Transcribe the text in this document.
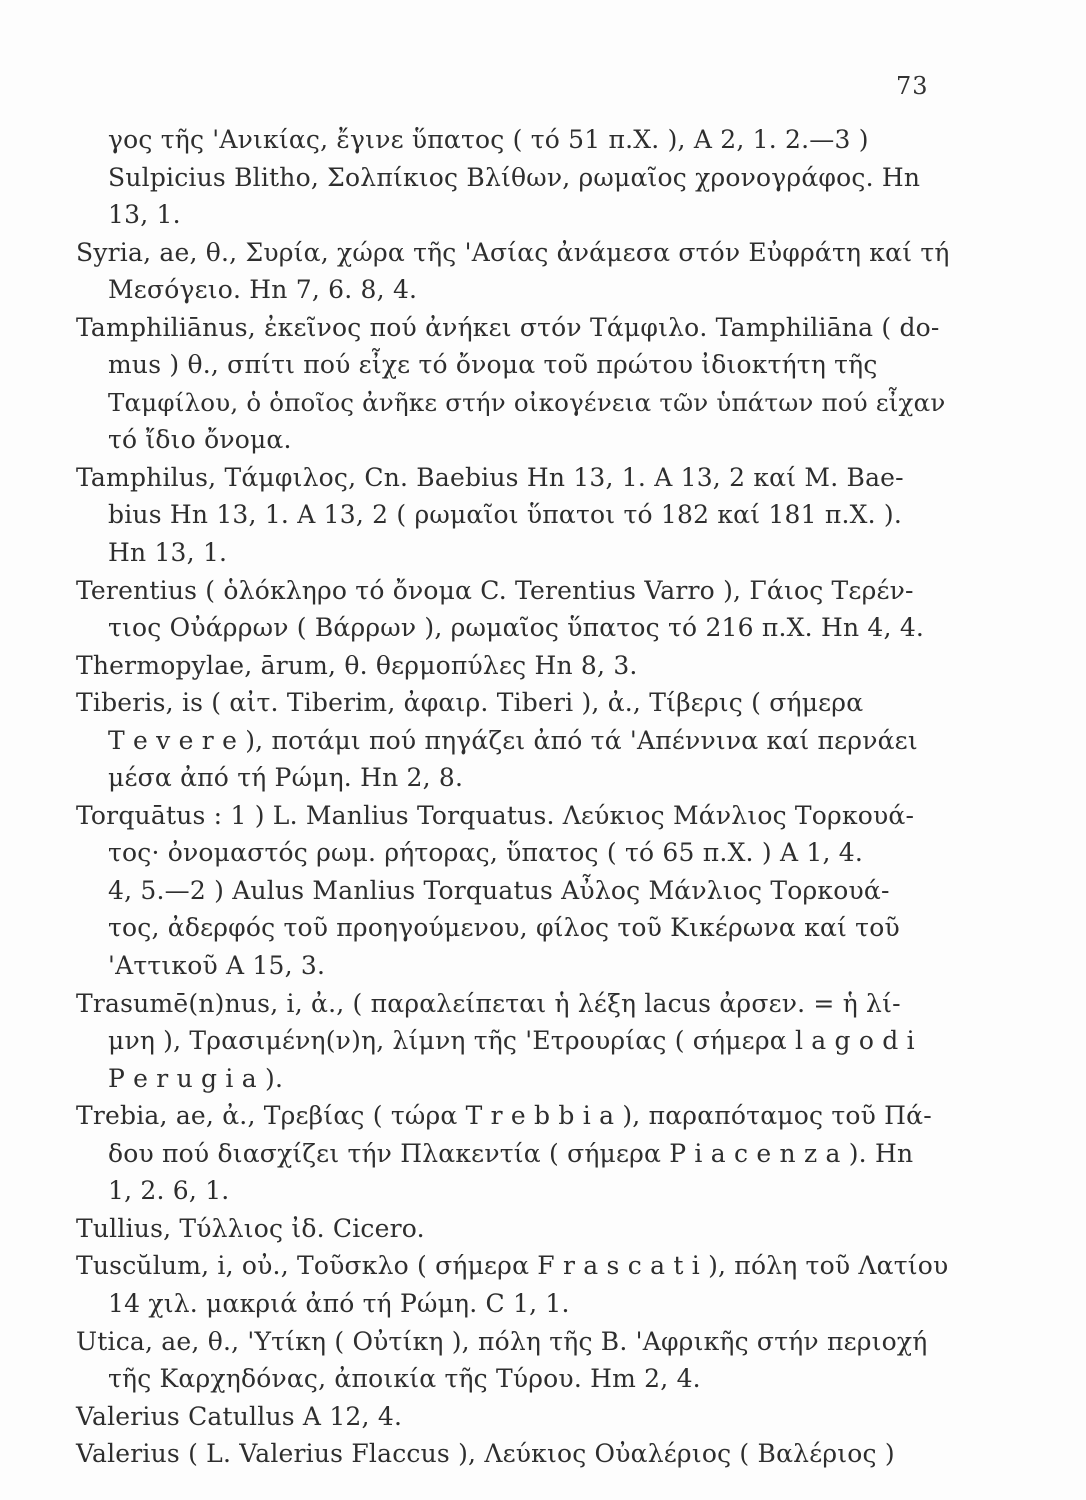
73
γος τῆς 'Ανικίας, ἔγινε ὕπατος ( τό 51 π.Χ. ), Α 2, 1. 2.—3 )
Sulpicius Blitho, Σολπίκιος Βλίθων, ρωμαῖος χρονογράφος. Hn
13, 1.
Syria, ae, θ., Συρία, χώρα τῆς 'Ασίας ἀνάμεσα στόν Εὐφράτη καί τή
Μεσόγειο. Hn 7, 6. 8, 4.
Tamphiliānus, ἐκεῖνος πού ἀνήκει στόν Τάμφιλο. Tamphiliāna ( do-
mus ) θ., σπίτι πού εἶχε τό ὄνομα τοῦ πρώτου ἰδιοκτήτη τῆς
Ταμφίλου, ὁ ὁποῖος ἀνῆκε στήν οἰκογένεια τῶν ὑπάτων πού εἶχαν
τό ἴδιο ὄνομα.
Tamphilus, Τάμφιλος, Cn. Baebius Hn 13, 1. A 13, 2 καί M. Bae-
bius Hn 13, 1. A 13, 2 ( ρωμαῖοι ὕπατοι τό 182 καί 181 π.Χ. ).
Hn 13, 1.
Terentius ( ὁλόκληρο τό ὄνομα C. Terentius Varro ), Γάιος Τερέν-
τιος Οὐάρρων ( Βάρρων ), ρωμαῖος ὕπατος τό 216 π.Χ. Hn 4, 4.
Thermopylae, ārum, θ. θερμοπύλες Hn 8, 3.
Tiberis, is ( αἰτ. Tiberim, ἀφαιρ. Tiberi ), ἀ., Τίβερις ( σήμερα
T e v e r e ), ποτάμι πού πηγάζει ἀπό τά 'Απέννινα καί περνάει
μέσα ἀπό τή Ρώμη. Hn 2, 8.
Torquātus : 1 ) L. Manlius Torquatus. Λεύκιος Μάνλιος Τορκουά-
τος· ὀνομαστός ρωμ. ρήτορας, ὕπατος ( τό 65 π.Χ. ) A 1, 4.
4, 5.—2 ) Aulus Manlius Torquatus Αὖλος Μάνλιος Τορκουά-
τος, ἀδερφός τοῦ προηγούμενου, φίλος τοῦ Κικέρωνα καί τοῦ
'Αττικοῦ A 15, 3.
Trasumē(n)nus, i, ἀ., ( παραλείπεται ἡ λέξη lacus ἀρσεν. = ἡ λί-
μνη ), Τρασιμένη(ν)η, λίμνη τῆς 'Ετρουρίας ( σήμερα l a g o d i
P e r u g i a ).
Trebia, ae, ἀ., Τρεβίας ( τώρα T r e b b i a ), παραπόταμος τοῦ Πά-
δου πού διασχίζει τήν Πλακεντία ( σήμερα P i a c e n z a ). Hn
1, 2. 6, 1.
Tullius, Τύλλιος ἰδ. Cicero.
Tuscŭlum, i, οὐ., Τοῦσκλο ( σήμερα F r a s c a t i ), πόλη τοῦ Λατίου
14 χιλ. μακριά ἀπό τή Ρώμη. C 1, 1.
Utica, ae, θ., 'Υτίκη ( Οὐτίκη ), πόλη τῆς Β. 'Αφρικῆς στήν περιοχή
τῆς Καρχηδόνας, ἀποικία τῆς Τύρου. Hm 2, 4.
Valerius Catullus A 12, 4.
Valerius ( L. Valerius Flaccus ), Λεύκιος Οὐαλέριος ( Βαλέριος )
